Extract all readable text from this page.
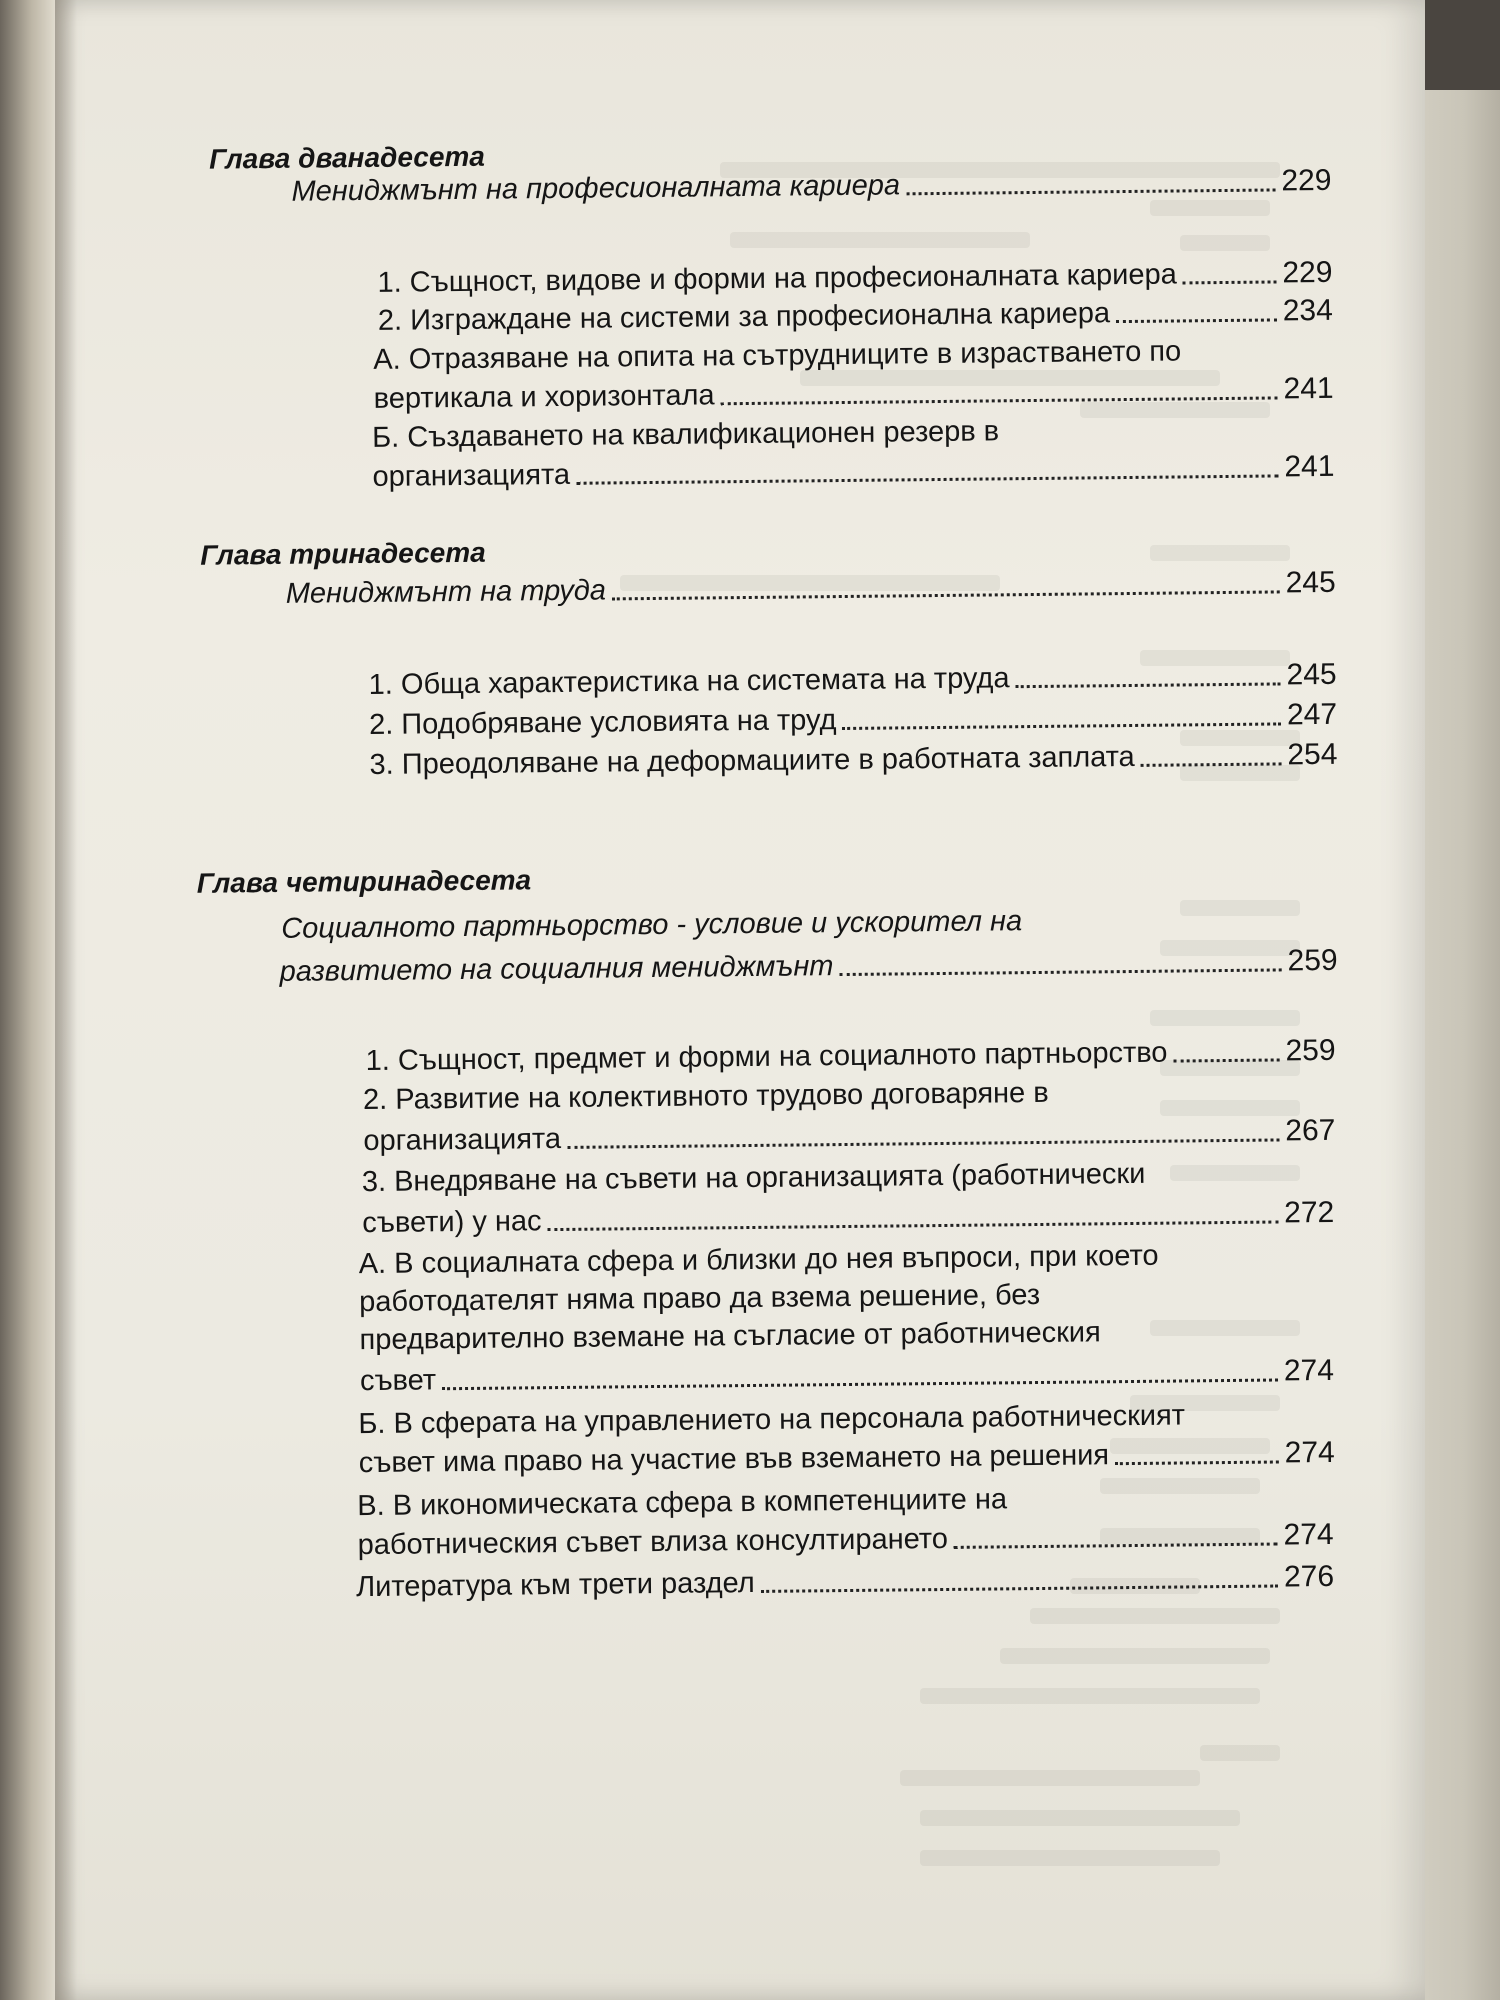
Глава дванадесета
Мениджмънт на професионалната кариера	229
1. Същност, видове и форми на професионалната кариера	229
2. Изграждане на системи за професионална кариера	234
А. Отразяване на опита на сътрудниците в израстването по
вертикала и хоризонтала	241
Б. Създаването на квалификационен резерв в
организацията	241
Глава тринадесета
Мениджмънт на труда	245
1. Обща характеристика на системата на труда	245
2. Подобряване условията на труд	247
3. Преодоляване на деформациите в работната заплата	254
Глава четиринадесета
Социалното партньорство - условие и ускорител на
развитието на социалния мениджмънт	259
1. Същност, предмет и форми на социалното партньорство	259
2. Развитие на колективното трудово договаряне в
организацията	267
3. Внедряване на съвети на организацията (работнически
съвети) у нас	272
А. В социалната сфера и близки до нея въпроси, при което
работодателят няма право да взема решение, без
предварително вземане на съгласие от работническия
съвет	274
Б. В сферата на управлението на персонала работническият
съвет има право на участие във вземането на решения	274
В. В икономическата сфера в компетенциите на
работническия съвет влиза консултирането	274
Литература към трети раздел	276
